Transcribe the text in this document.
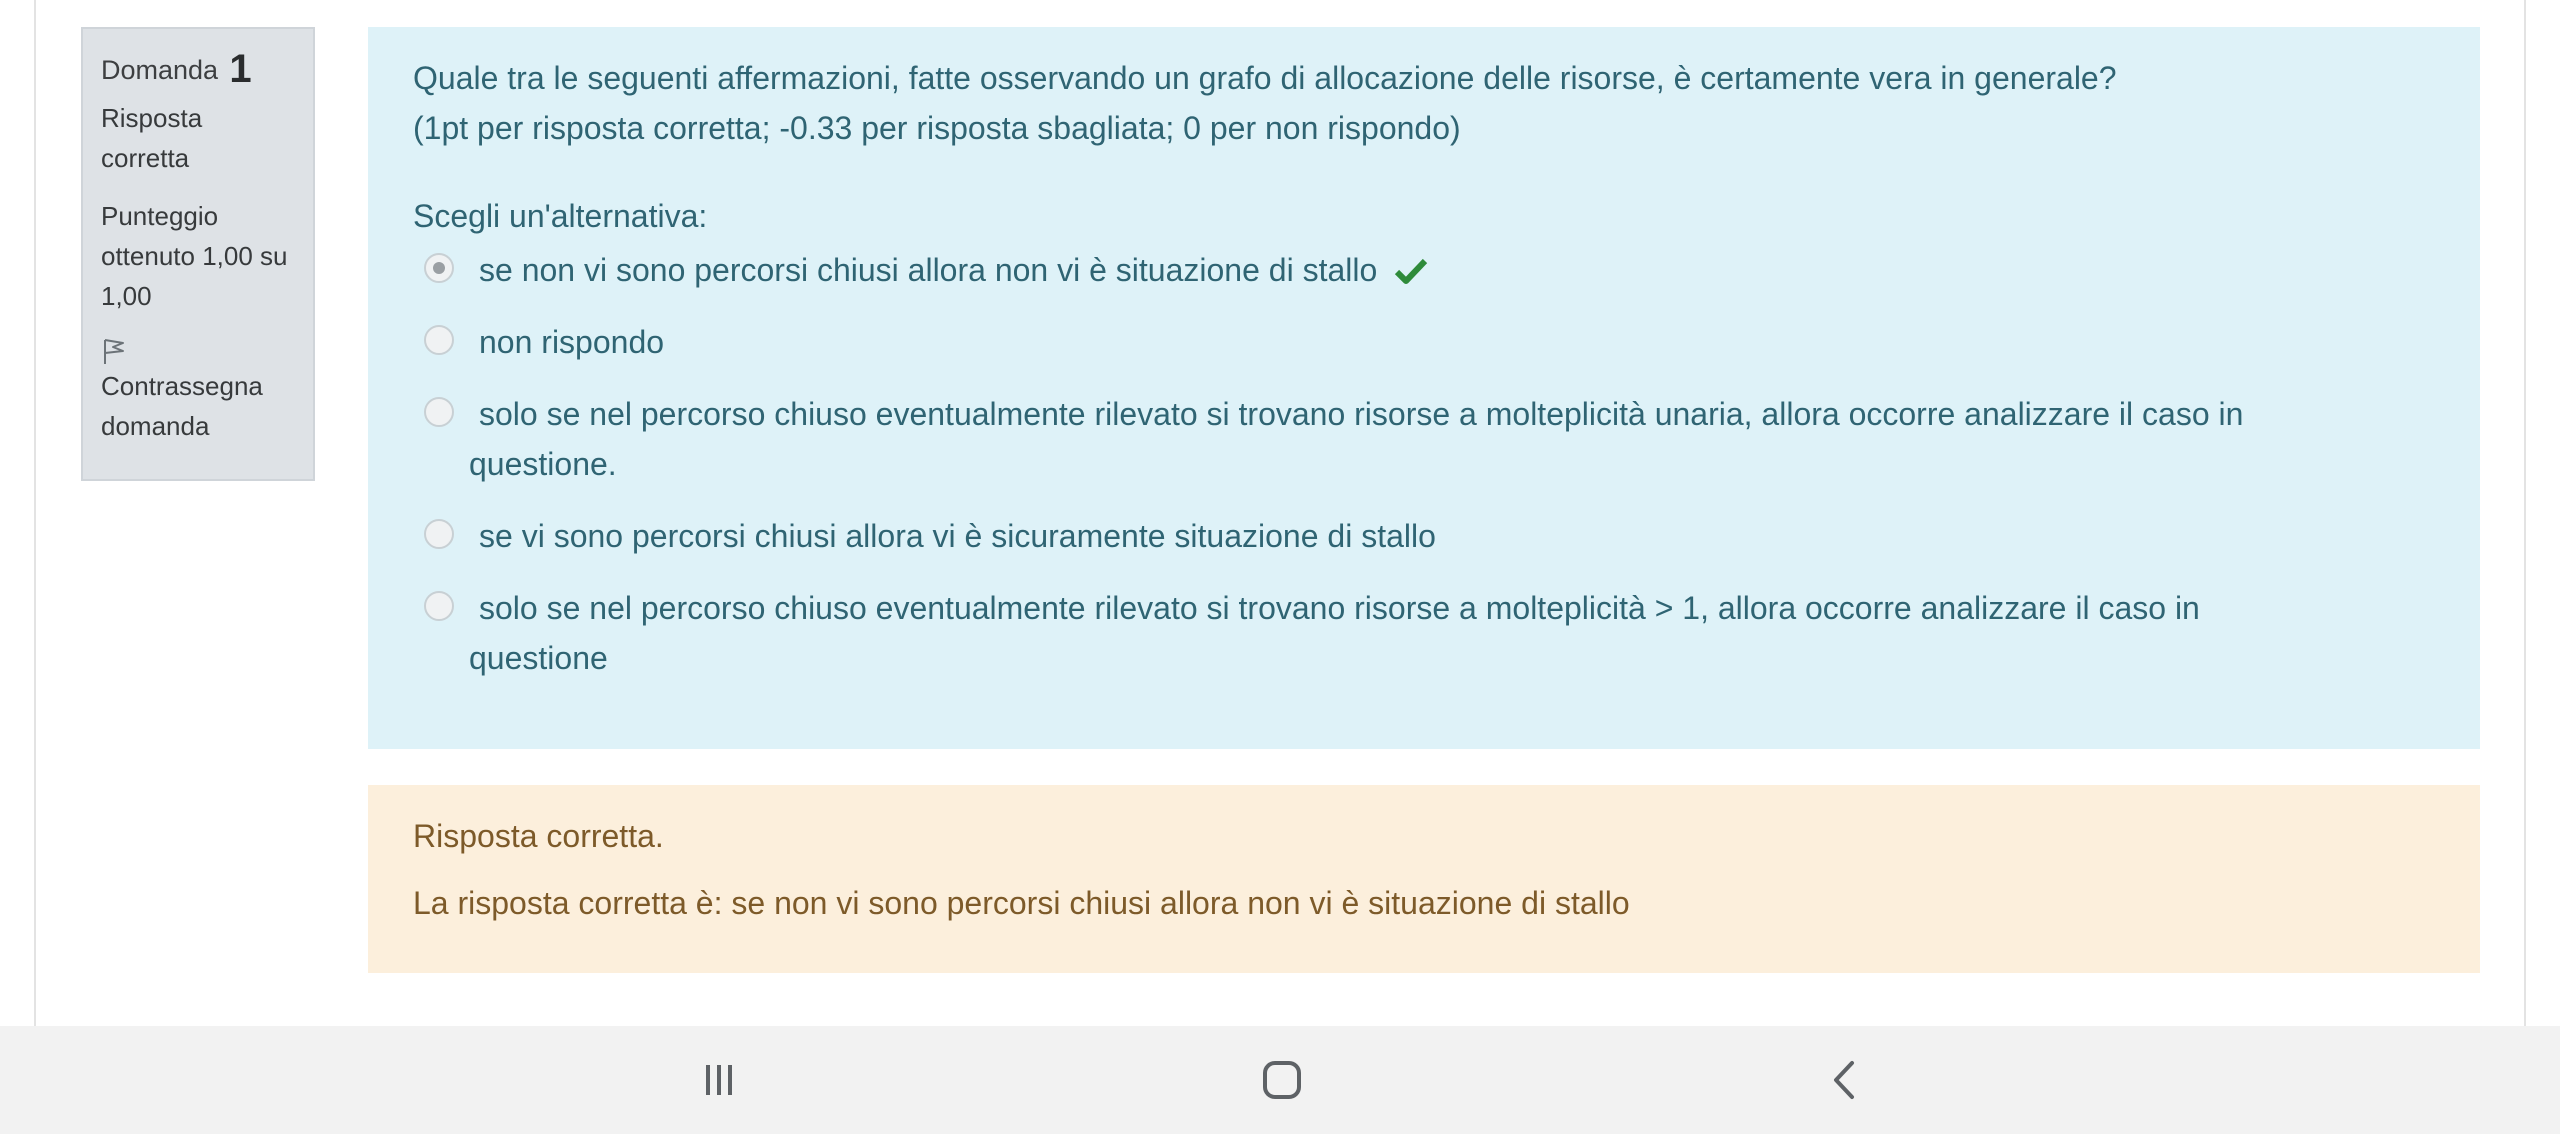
Domanda 1
Risposta
corretta
Punteggio
ottenuto 1,00 su
1,00
Contrassegna
domanda
Quale tra le seguenti affermazioni, fatte osservando un grafo di allocazione delle risorse, è certamente vera in generale?
(1pt per risposta corretta; -0.33 per risposta sbagliata; 0 per non rispondo)
Scegli un'alternativa:
se non vi sono percorsi chiusi allora non vi è situazione di stallo
non rispondo
solo se nel percorso chiuso eventualmente rilevato si trovano risorse a molteplicità unaria, allora occorre analizzare il caso in
questione.
se vi sono percorsi chiusi allora vi è sicuramente situazione di stallo
solo se nel percorso chiuso eventualmente rilevato si trovano risorse a molteplicità > 1, allora occorre analizzare il caso in
questione
Risposta corretta.
La risposta corretta è: se non vi sono percorsi chiusi allora non vi è situazione di stallo
